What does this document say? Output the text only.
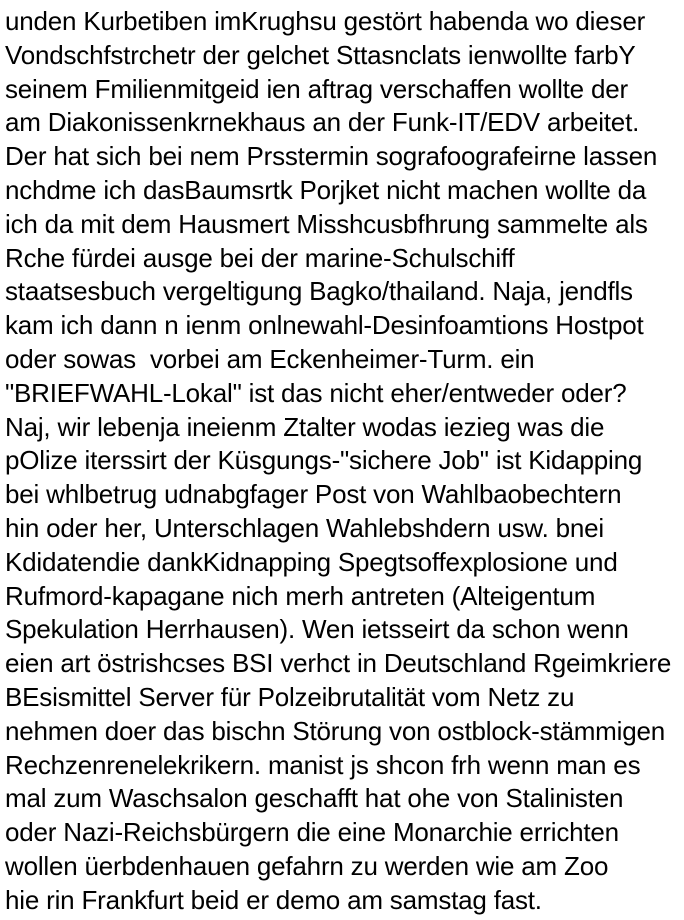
unden Kurbetiben imKrughsu gestört habenda wo dieser
Vondschfstrchetr der gelchet Sttasnclats ienwollte farbY
seinem Fmilienmitgeid ien aftrag verschaffen wollte der
am Diakonissenkrnekhaus an der Funk-IT/EDV arbeitet.
Der hat sich bei nem Prsstermin sografoografeirne lassen
nchdme ich dasBaumsrtk Porjket nicht machen wollte da
ich da mit dem Hausmert Misshcusbfhrung sammelte als
Rche fürdei ausge bei der marine-Schulschiff
staatsesbuch vergeltigung Bagko/thailand. Naja, jendfls
kam ich dann n ienm onlnewahl-Desinfoamtions Hostpot
oder sowas  vorbei am Eckenheimer-Turm. ein
"BRIEFWAHL-Lokal" ist das nicht eher/entweder oder?
Naj, wir lebenja ineienm Ztalter wodas iezieg was die
pOlize iterssirt der Küsgungs-"sichere Job" ist Kidapping
bei whlbetrug udnabgfager Post von Wahlbaobechtern
hin oder her, Unterschlagen Wahlebshdern usw. bnei
Kdidatendie dankKidnapping Spegtsoffexplosione und
Rufmord-kapagane nich merh antreten (Alteigentum
Spekulation Herrhausen). Wen ietsseirt da schon wenn
eien art östrishcses BSI verhct in Deutschland Rgeimkriere
BEsismittel Server für Polzeibrutalität vom Netz zu
nehmen doer das bischn Störung von ostblock-stämmigen
Rechzenrenelekrikern. manist js shcon frh wenn man es
mal zum Waschsalon geschafft hat ohe von Stalinisten
oder Nazi-Reichsbürgern die eine Monarchie errichten
wollen üerbdenhauen gefahrn zu werden wie am Zoo
hie rin Frankfurt beid er demo am samstag fast.
